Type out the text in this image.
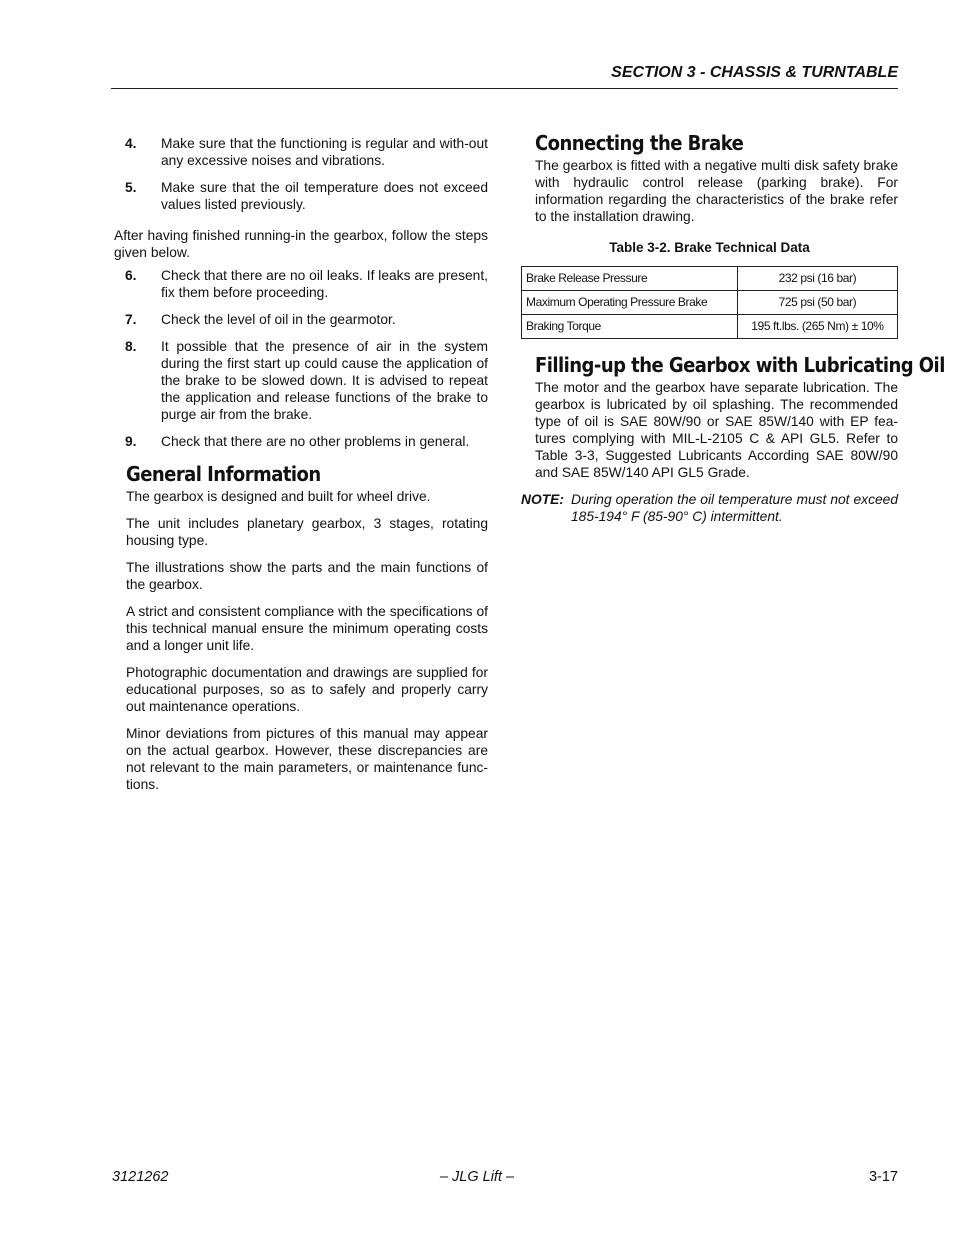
SECTION 3 - CHASSIS & TURNTABLE
4.	Make sure that the functioning is regular and with-out any excessive noises and vibrations.
5.	Make sure that the oil temperature does not exceed values listed previously.

After having finished running-in the gearbox, follow the steps given below.

6.	Check that there are no oil leaks. If leaks are present, fix them before proceeding.
7.	Check the level of oil in the gearmotor.
8.	It possible that the presence of air in the system during the first start up could cause the application of the brake to be slowed down. It is advised to repeat the application and release functions of the brake to purge air from the brake.
9.	Check that there are no other problems in general.
General Information

The gearbox is designed and built for wheel drive.

The unit includes planetary gearbox, 3 stages, rotating housing type.

The illustrations show the parts and the main functions of the gearbox.

A strict and consistent compliance with the specifications of this technical manual ensure the minimum operating costs and a longer unit life.

Photographic documentation and drawings are supplied for educational purposes, so as to safely and properly carry out maintenance operations.

Minor deviations from pictures of this manual may appear on the actual gearbox. However, these discrepancies are not relevant to the main parameters, or maintenance func-tions.

Connecting the Brake

The gearbox is fitted with a negative multi disk safety brake with hydraulic control release (parking brake). For information regarding the characteristics of the brake refer to the installation drawing.

Table 3-2. Brake Technical Data
Brake Release Pressure	232 psi (16 bar)
Maximum Operating Pressure Brake	725 psi (50 bar)
Braking Torque	195 ft.lbs. (265 Nm) ± 10%
Filling-up the Gearbox with Lubricating Oil

The motor and the gearbox have separate lubrication. The gearbox is lubricated by oil splashing. The recommended type of oil is SAE 80W/90 or SAE 85W/140 with EP fea-tures complying with MIL-L-2105 C & API GL5. Refer to Table 3-3, Suggested Lubricants According SAE 80W/90 and SAE 85W/140 API GL5 Grade.

NOTE: During operation the oil temperature must not exceed 185-194° F (85-90° C) intermittent.
3121262	– JLG Lift –	3-17
